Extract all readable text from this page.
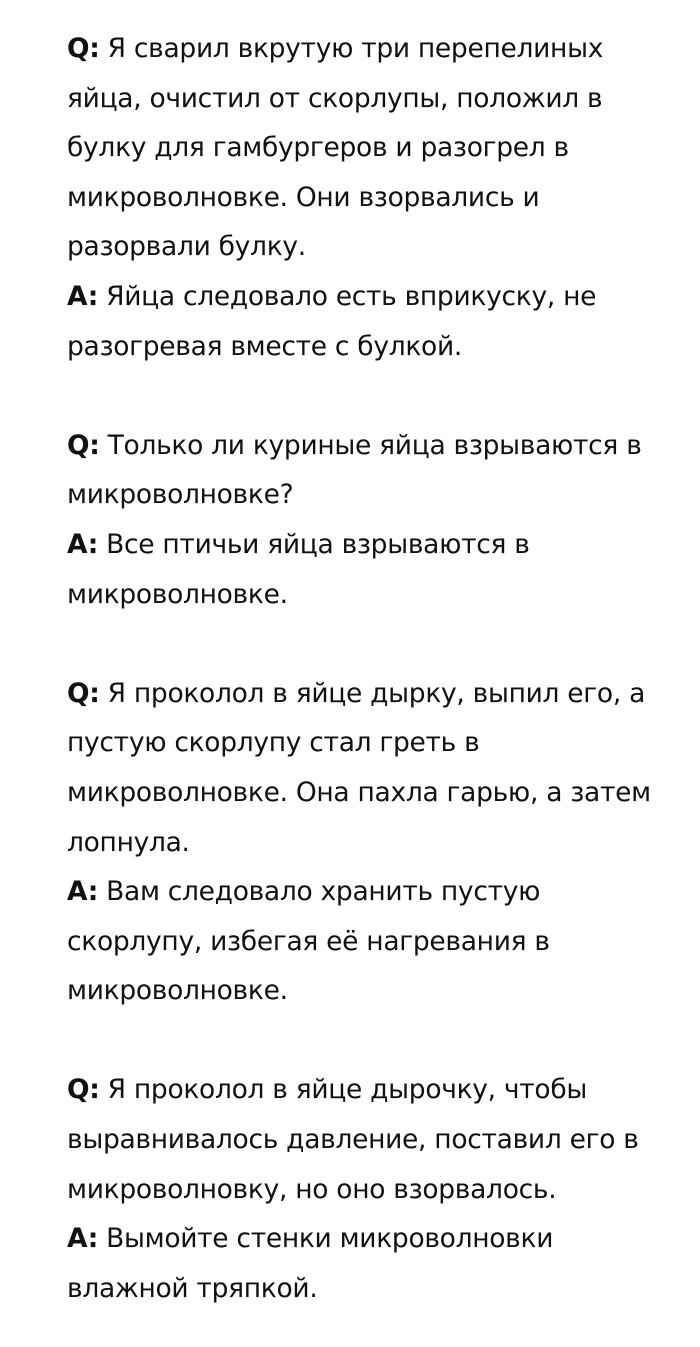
Q: Я сварил вкрутую три перепелиных яйца, очистил от скорлупы, положил в булку для гамбургеров и разогрел в микроволновке. Они взорвались и разорвали булку.

A: Яйца следовало есть вприкуску, не разогревая вместе с булкой.

Q: Только ли куриные яйца взрываются в микроволновке?

A: Все птичьи яйца взрываются в микроволновке.

Q: Я проколол в яйце дырку, выпил его, а пустую скорлупу стал греть в микроволновке. Она пахла гарью, а затем лопнула.

A: Вам следовало хранить пустую скорлупу, избегая её нагревания в микроволновке.

Q: Я проколол в яйце дырочку, чтобы выравнивалось давление, поставил его в микроволновку, но оно взорвалось.

A: Вымойте стенки микроволновки влажной тряпкой.
